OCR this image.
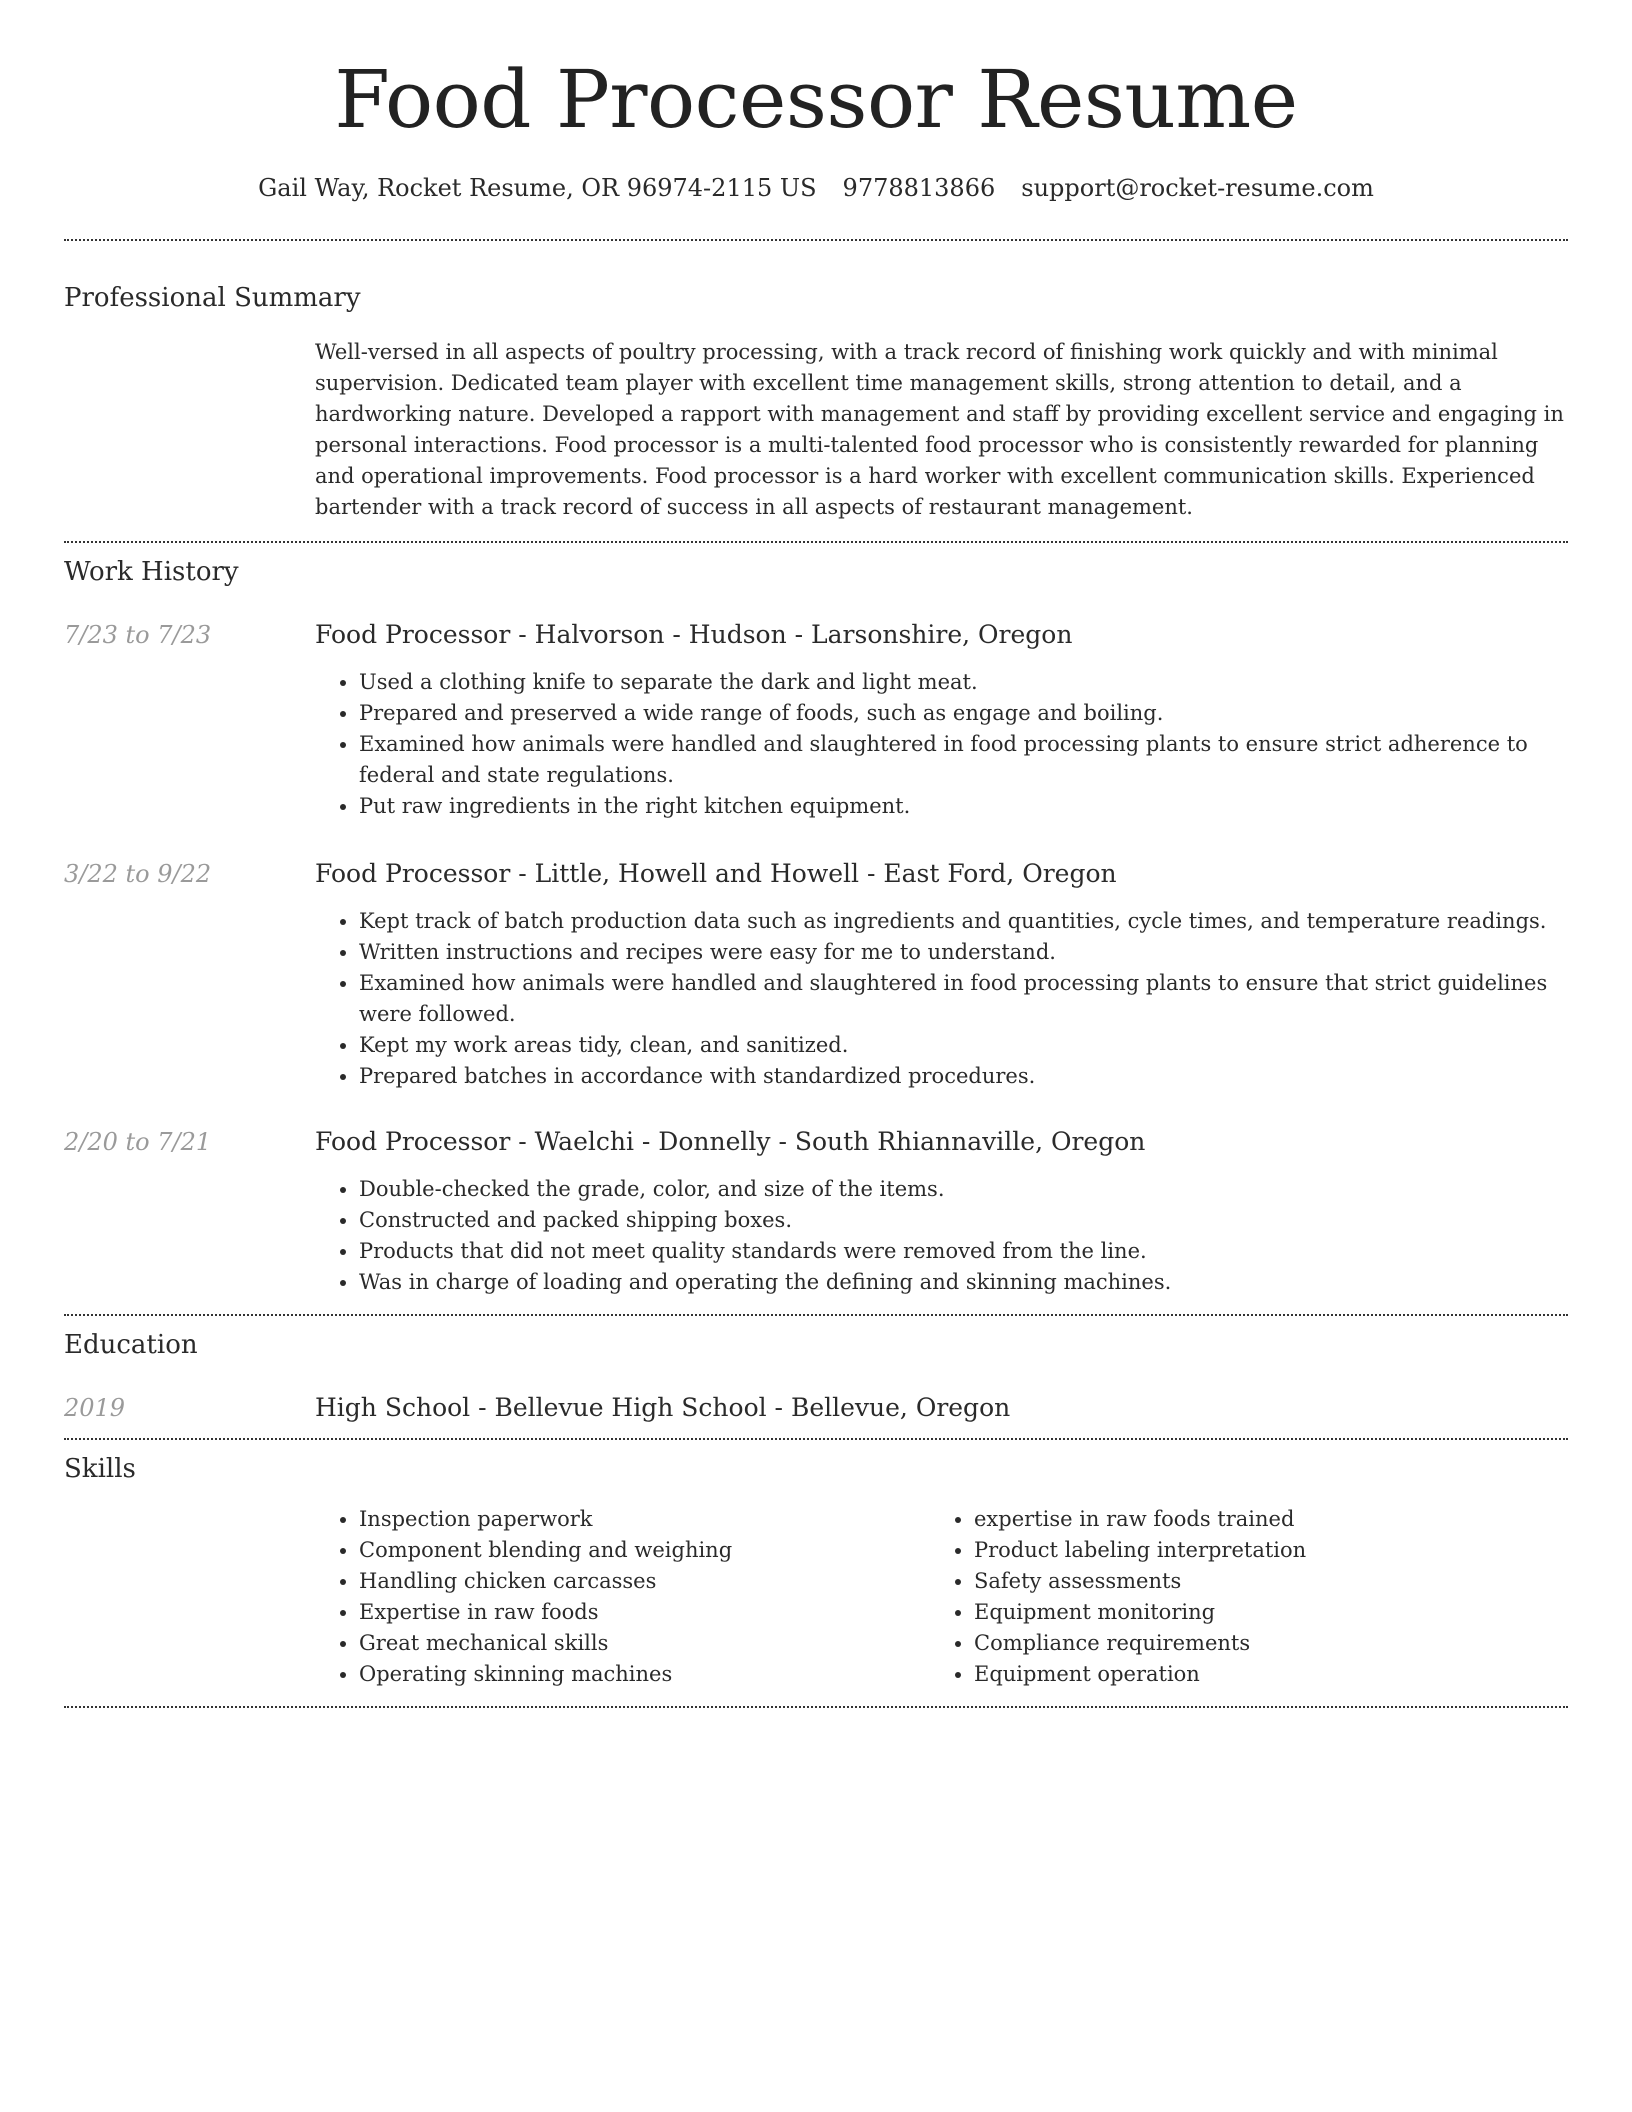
Food Processor Resume
Gail Way, Rocket Resume, OR 96974-2115 US 9778813866 support@rocket-resume.com
Professional Summary
Well-versed in all aspects of poultry processing, with a track record of finishing work quickly and with minimal supervision. Dedicated team player with excellent time management skills, strong attention to detail, and a hardworking nature. Developed a rapport with management and staff by providing excellent service and engaging in personal interactions. Food processor is a multi-talented food processor who is consistently rewarded for planning and operational improvements. Food processor is a hard worker with excellent communication skills. Experienced bartender with a track record of success in all aspects of restaurant management.
Work History
7/23 to 7/23	Food Processor - Halvorson - Hudson - Larsonshire, Oregon
• Used a clothing knife to separate the dark and light meat.
• Prepared and preserved a wide range of foods, such as engage and boiling.
• Examined how animals were handled and slaughtered in food processing plants to ensure strict adherence to federal and state regulations.
• Put raw ingredients in the right kitchen equipment.
3/22 to 9/22	Food Processor - Little, Howell and Howell - East Ford, Oregon
• Kept track of batch production data such as ingredients and quantities, cycle times, and temperature readings.
• Written instructions and recipes were easy for me to understand.
• Examined how animals were handled and slaughtered in food processing plants to ensure that strict guidelines were followed.
• Kept my work areas tidy, clean, and sanitized.
• Prepared batches in accordance with standardized procedures.
2/20 to 7/21	Food Processor - Waelchi - Donnelly - South Rhiannaville, Oregon
• Double-checked the grade, color, and size of the items.
• Constructed and packed shipping boxes.
• Products that did not meet quality standards were removed from the line.
• Was in charge of loading and operating the defining and skinning machines.
Education
2019	High School - Bellevue High School - Bellevue, Oregon
Skills
• Inspection paperwork
• Component blending and weighing
• Handling chicken carcasses
• Expertise in raw foods
• Great mechanical skills
• Operating skinning machines
• expertise in raw foods trained
• Product labeling interpretation
• Safety assessments
• Equipment monitoring
• Compliance requirements
• Equipment operation
